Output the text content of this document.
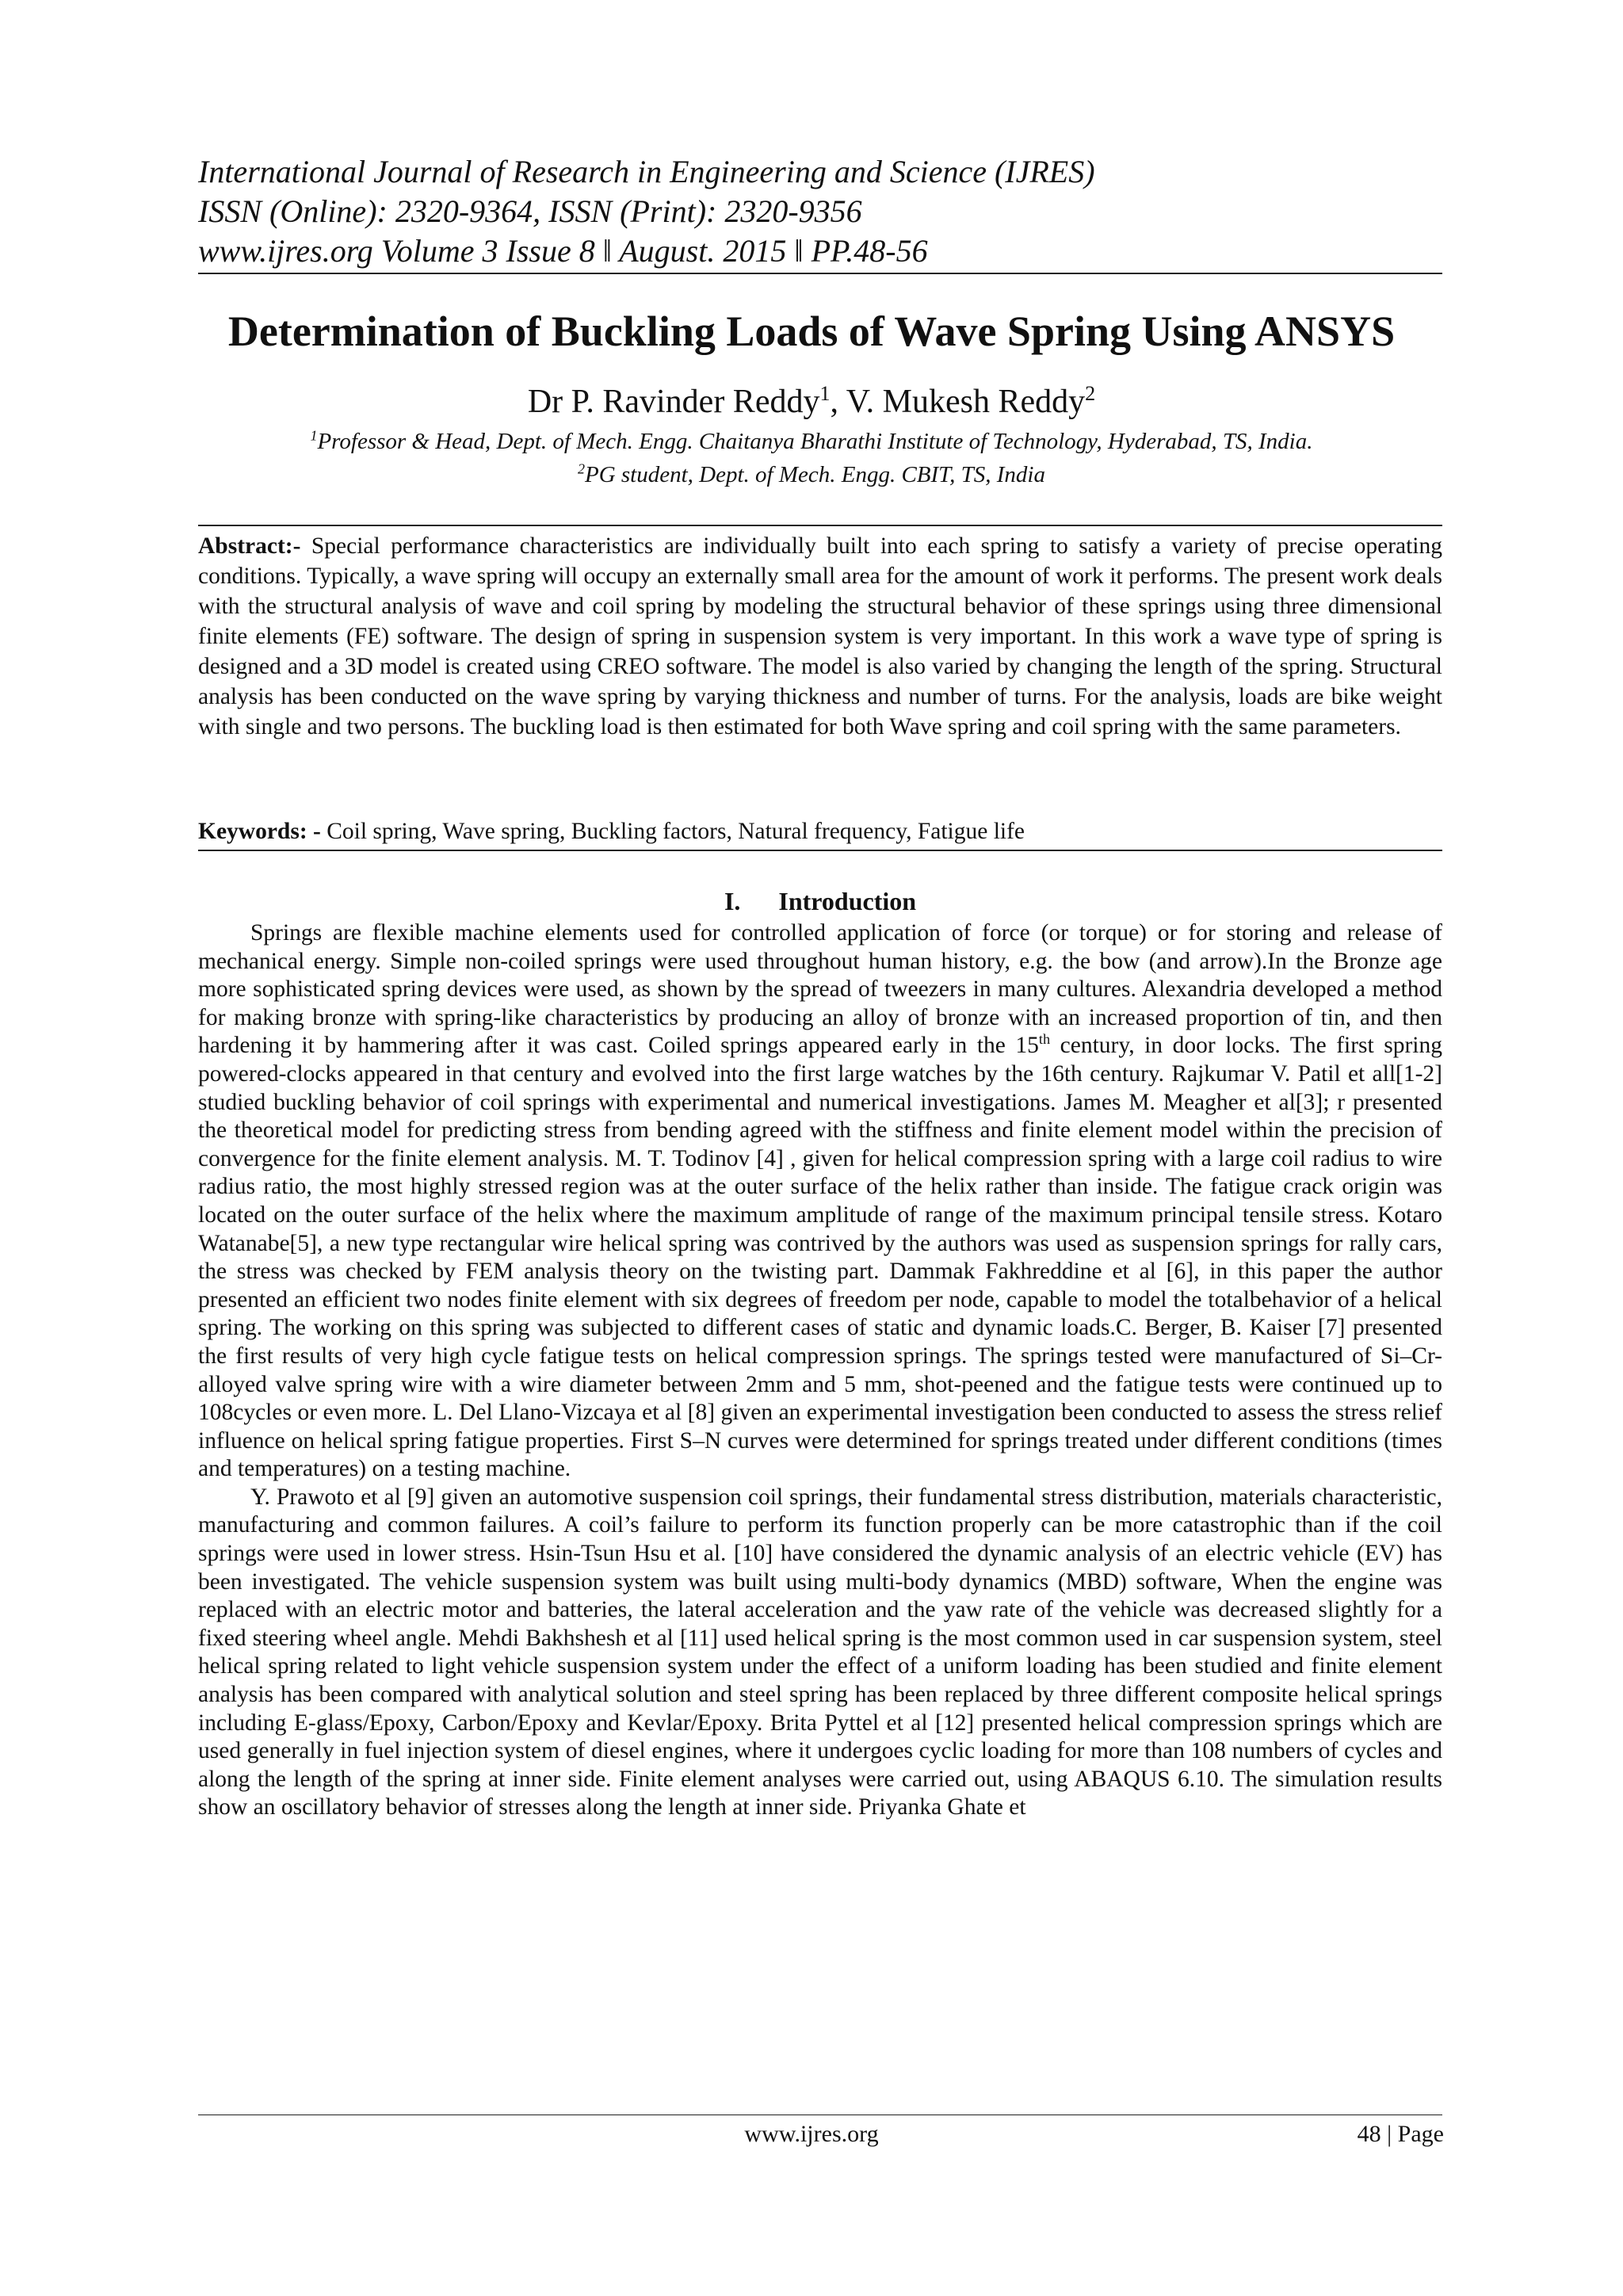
International Journal of Research in Engineering and Science (IJRES)
ISSN (Online): 2320-9364, ISSN (Print): 2320-9356
www.ijres.org Volume 3 Issue 8 ǁ August. 2015 ǁ PP.48-56
Determination of Buckling Loads of Wave Spring Using ANSYS
Dr P. Ravinder Reddy$^1$, V. Mukesh Reddy$^2$
$^1$Professor & Head, Dept. of Mech. Engg. Chaitanya Bharathi Institute of Technology, Hyderabad, TS, India.
$^2$PG student, Dept. of Mech. Engg. CBIT, TS, India

Abstract:- Special performance characteristics are individually built into each spring to satisfy a variety of precise operating conditions. Typically, a wave spring will occupy an externally small area for the amount of work it performs. The present work deals with the structural analysis of wave and coil spring by modeling the structural behavior of these springs using three dimensional finite elements (FE) software. The design of spring in suspension system is very important. In this work a wave type of spring is designed and a 3D model is created using CREO software. The model is also varied by changing the length of the spring. Structural analysis has been conducted on the wave spring by varying thickness and number of turns. For the analysis, loads are bike weight with single and two persons. The buckling load is then estimated for both Wave spring and coil spring with the same parameters.

Keywords: - Coil spring, Wave spring, Buckling factors, Natural frequency, Fatigue life
I. Introduction

Springs are flexible machine elements used for controlled application of force (or torque) or for storing and release of mechanical energy. Simple non-coiled springs were used throughout human history, e.g. the bow (and arrow).In the Bronze age more sophisticated spring devices were used, as shown by the spread of tweezers in many cultures. Alexandria developed a method for making bronze with spring-like characteristics by producing an alloy of bronze with an increased proportion of tin, and then hardening it by hammering after it was cast. Coiled springs appeared early in the 15th century, in door locks. The first spring powered-clocks appeared in that century and evolved into the first large watches by the 16th century. Rajkumar V. Patil et all[1-2] studied buckling behavior of coil springs with experimental and numerical investigations. James M. Meagher et al[3]; r presented the theoretical model for predicting stress from bending agreed with the stiffness and finite element model within the precision of convergence for the finite element analysis. M. T. Todinov [4] , given for helical compression spring with a large coil radius to wire radius ratio, the most highly stressed region was at the outer surface of the helix rather than inside. The fatigue crack origin was located on the outer surface of the helix where the maximum amplitude of range of the maximum principal tensile stress. Kotaro Watanabe[5], a new type rectangular wire helical spring was contrived by the authors was used as suspension springs for rally cars, the stress was checked by FEM analysis theory on the twisting part. Dammak Fakhreddine et al [6], in this paper the author presented an efficient two nodes finite element with six degrees of freedom per node, capable to model the totalbehavior of a helical spring. The working on this spring was subjected to different cases of static and dynamic loads.C. Berger, B. Kaiser [7] presented the first results of very high cycle fatigue tests on helical compression springs. The springs tested were manufactured of Si–Cr-alloyed valve spring wire with a wire diameter between 2mm and 5 mm, shot-peened and the fatigue tests were continued up to 108cycles or even more. L. Del Llano-Vizcaya et al [8] given an experimental investigation been conducted to assess the stress relief influence on helical spring fatigue properties. First S–N curves were determined for springs treated under different conditions (times and temperatures) on a testing machine.

Y. Prawoto et al [9] given an automotive suspension coil springs, their fundamental stress distribution, materials characteristic, manufacturing and common failures. A coil’s failure to perform its function properly can be more catastrophic than if the coil springs were used in lower stress. Hsin-Tsun Hsu et al. [10] have considered the dynamic analysis of an electric vehicle (EV) has been investigated. The vehicle suspension system was built using multi-body dynamics (MBD) software, When the engine was replaced with an electric motor and batteries, the lateral acceleration and the yaw rate of the vehicle was decreased slightly for a fixed steering wheel angle. Mehdi Bakhshesh et al [11] used helical spring is the most common used in car suspension system, steel helical spring related to light vehicle suspension system under the effect of a uniform loading has been studied and finite element analysis has been compared with analytical solution and steel spring has been replaced by three different composite helical springs including E-glass/Epoxy, Carbon/Epoxy and Kevlar/Epoxy. Brita Pyttel et al [12] presented helical compression springs which are used generally in fuel injection system of diesel engines, where it undergoes cyclic loading for more than 108 numbers of cycles and along the length of the spring at inner side. Finite element analyses were carried out, using ABAQUS 6.10. The simulation results show an oscillatory behavior of stresses along the length at inner side. Priyanka Ghate et

www.ijres.org	48 | Page
